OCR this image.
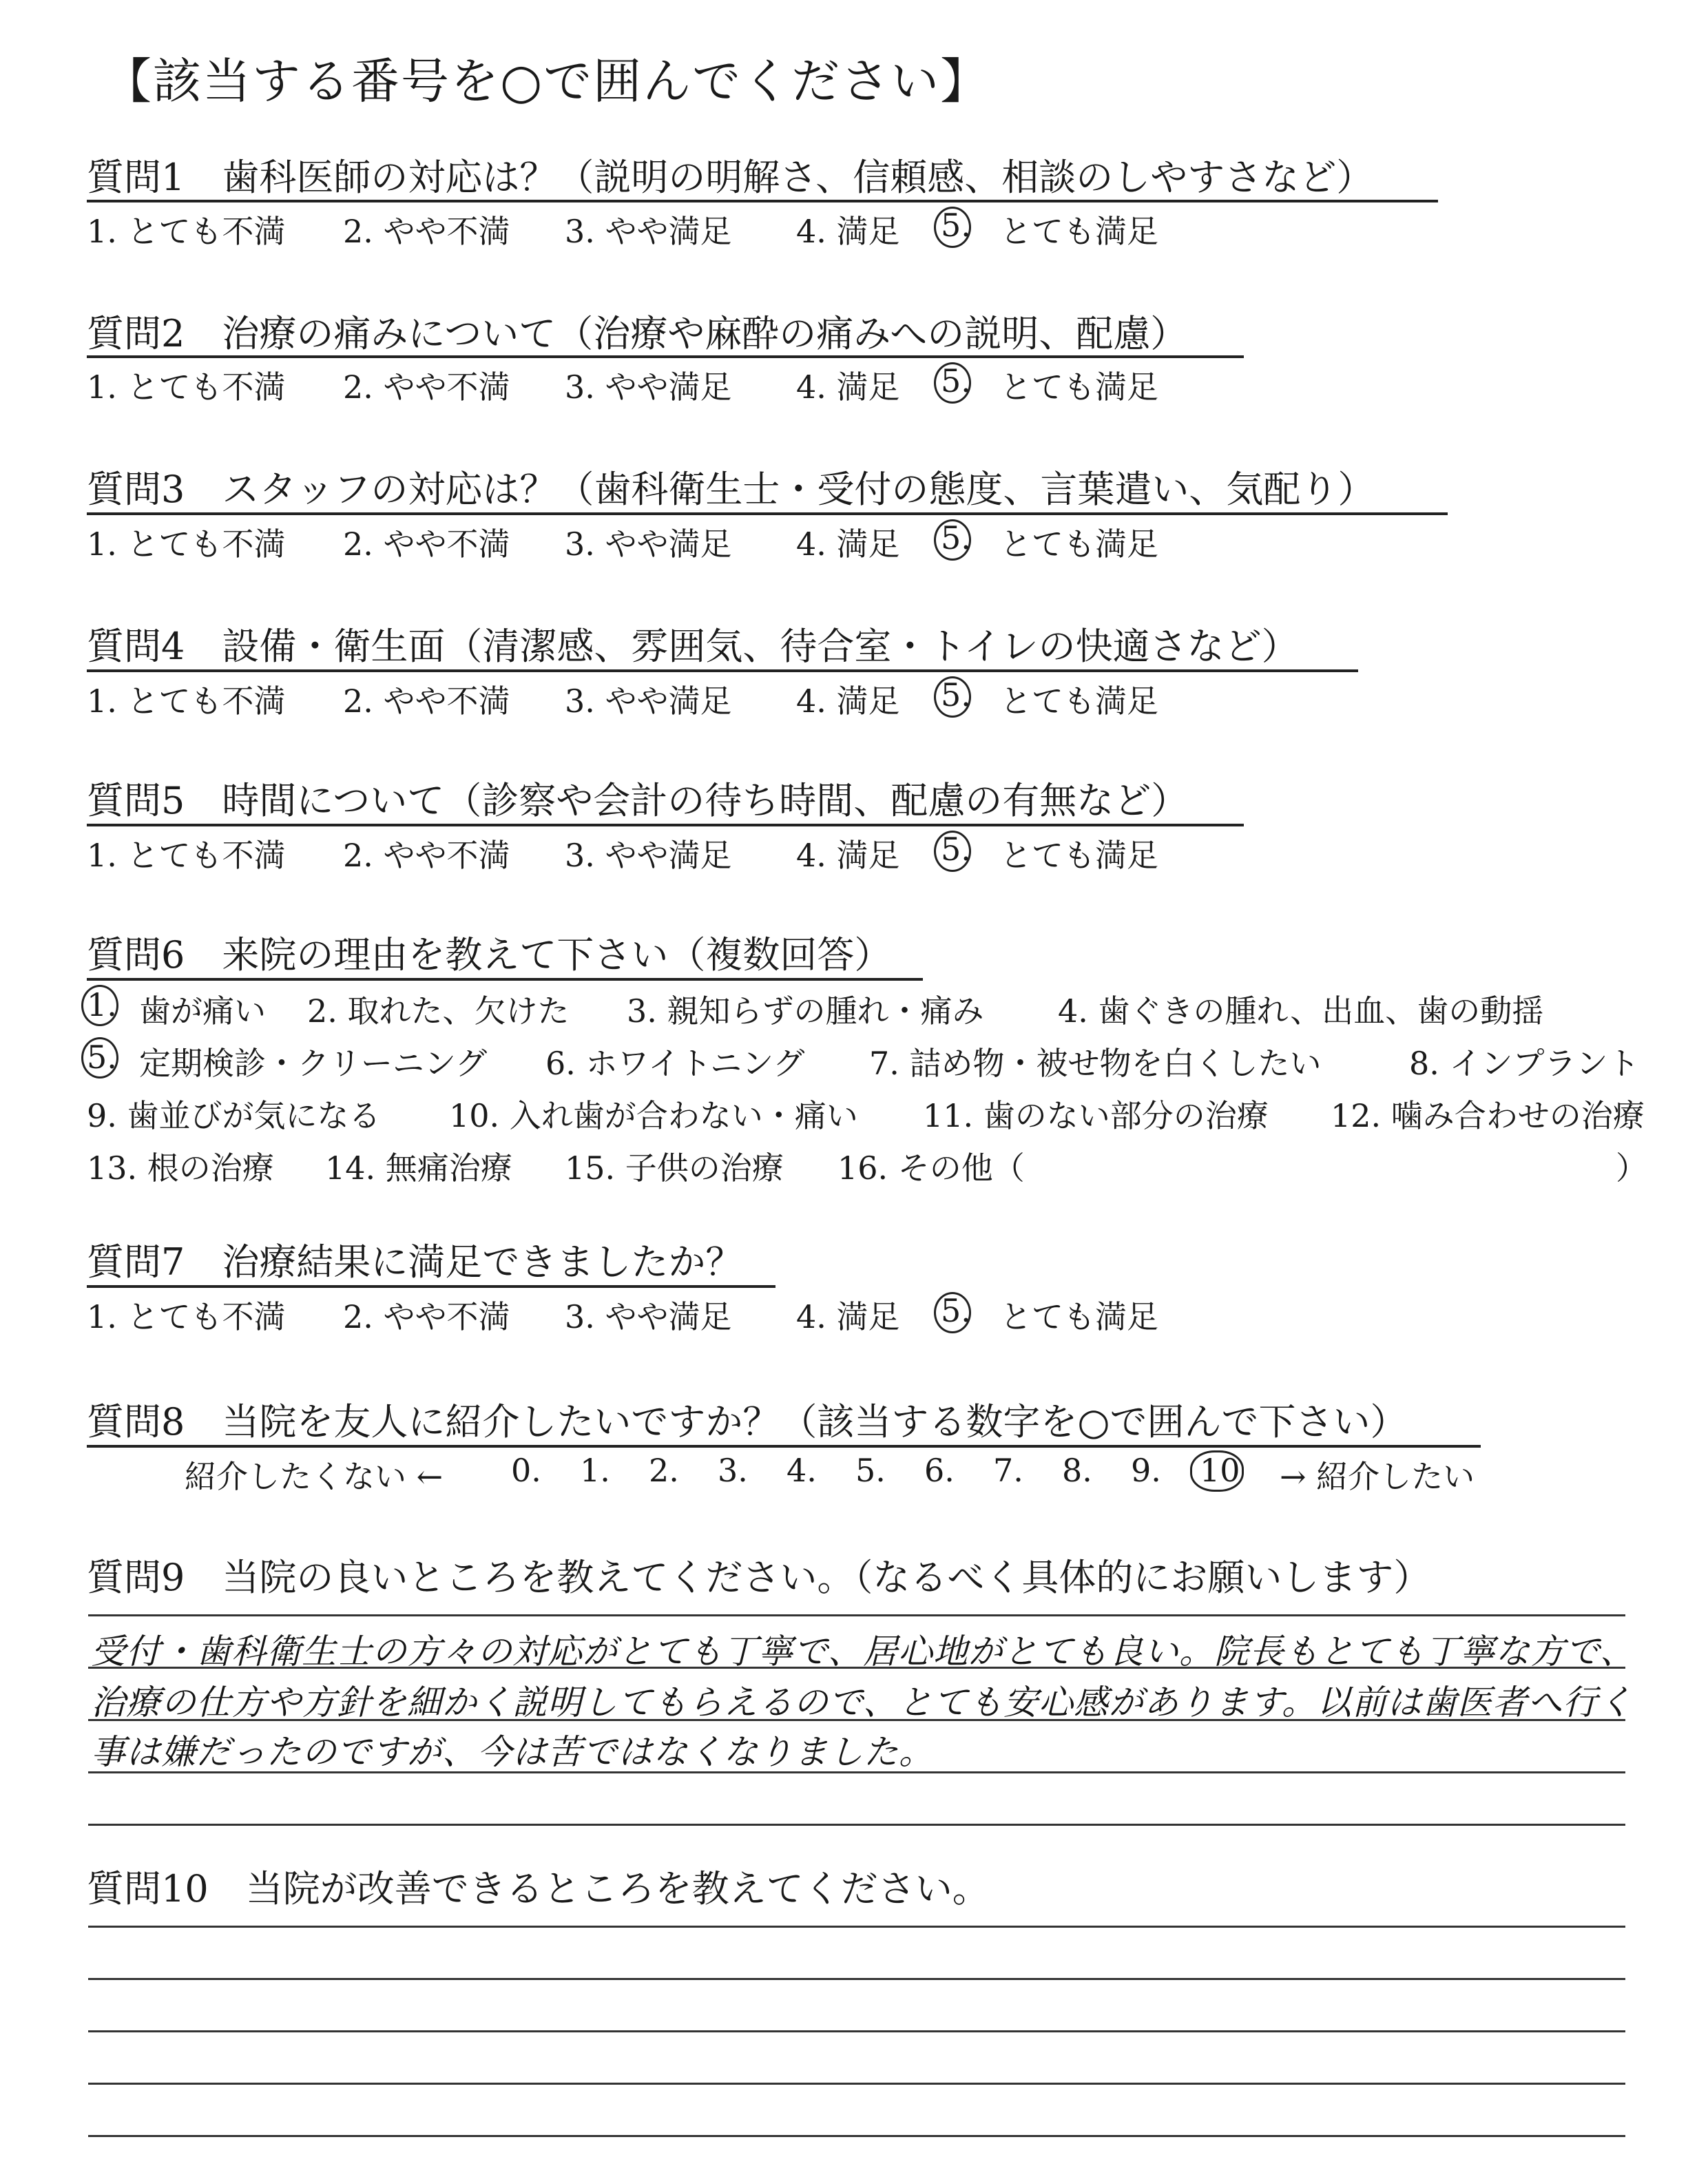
【該当する番号を○で囲んでください】
質問1　歯科医師の対応は？（説明の明解さ、信頼感、相談のしやすさなど）
1. とても不満 2. やや不満 3. やや満足 4. 満足 5. とても満足
質問2　治療の痛みについて（治療や麻酔の痛みへの説明、配慮）
1. とても不満 2. やや不満 3. やや満足 4. 満足 5. とても満足
質問3　スタッフの対応は？（歯科衛生士・受付の態度、言葉遣い、気配り）
1. とても不満 2. やや不満 3. やや満足 4. 満足 5. とても満足
質問4　設備・衛生面（清潔感、雰囲気、待合室・トイレの快適さなど）
1. とても不満 2. やや不満 3. やや満足 4. 満足 5. とても満足
質問5　時間について（診察や会計の待ち時間、配慮の有無など）
1. とても不満 2. やや不満 3. やや満足 4. 満足 5. とても満足
質問6　来院の理由を教えて下さい（複数回答）
1. 歯が痛い 2. 取れた、欠けた 3. 親知らずの腫れ・痛み 4. 歯ぐきの腫れ、出血、歯の動揺
5. 定期検診・クリーニング 6. ホワイトニング 7. 詰め物・被せ物を白くしたい	8. インプラント
9. 歯並びが気になる 10. 入れ歯が合わない・痛い 11. 歯のない部分の治療 12. 噛み合わせの治療
13. 根の治療 14. 無痛治療 15. 子供の治療 16. その他（	）
質問7　治療結果に満足できましたか？
1. とても不満 2. やや不満 3. やや満足 4. 満足 5. とても満足
質問8　当院を友人に紹介したいですか？（該当する数字を○で囲んで下さい）
紹介したくない ← 0. 1. 2. 3. 4. 5. 6. 7. 8. 9. 10 → 紹介したい
質問9　当院の良いところを教えてください。（なるべく具体的にお願いします）
受付・歯科衛生士の方々の対応がとても丁寧で、居心地がとても良い。院長もとても丁寧な方で、
治療の仕方や方針を細かく説明してもらえるので、とても安心感があります。以前は歯医者へ行く
事は嫌だったのですが、今は苦ではなくなりました。
質問10　当院が改善できるところを教えてください。
